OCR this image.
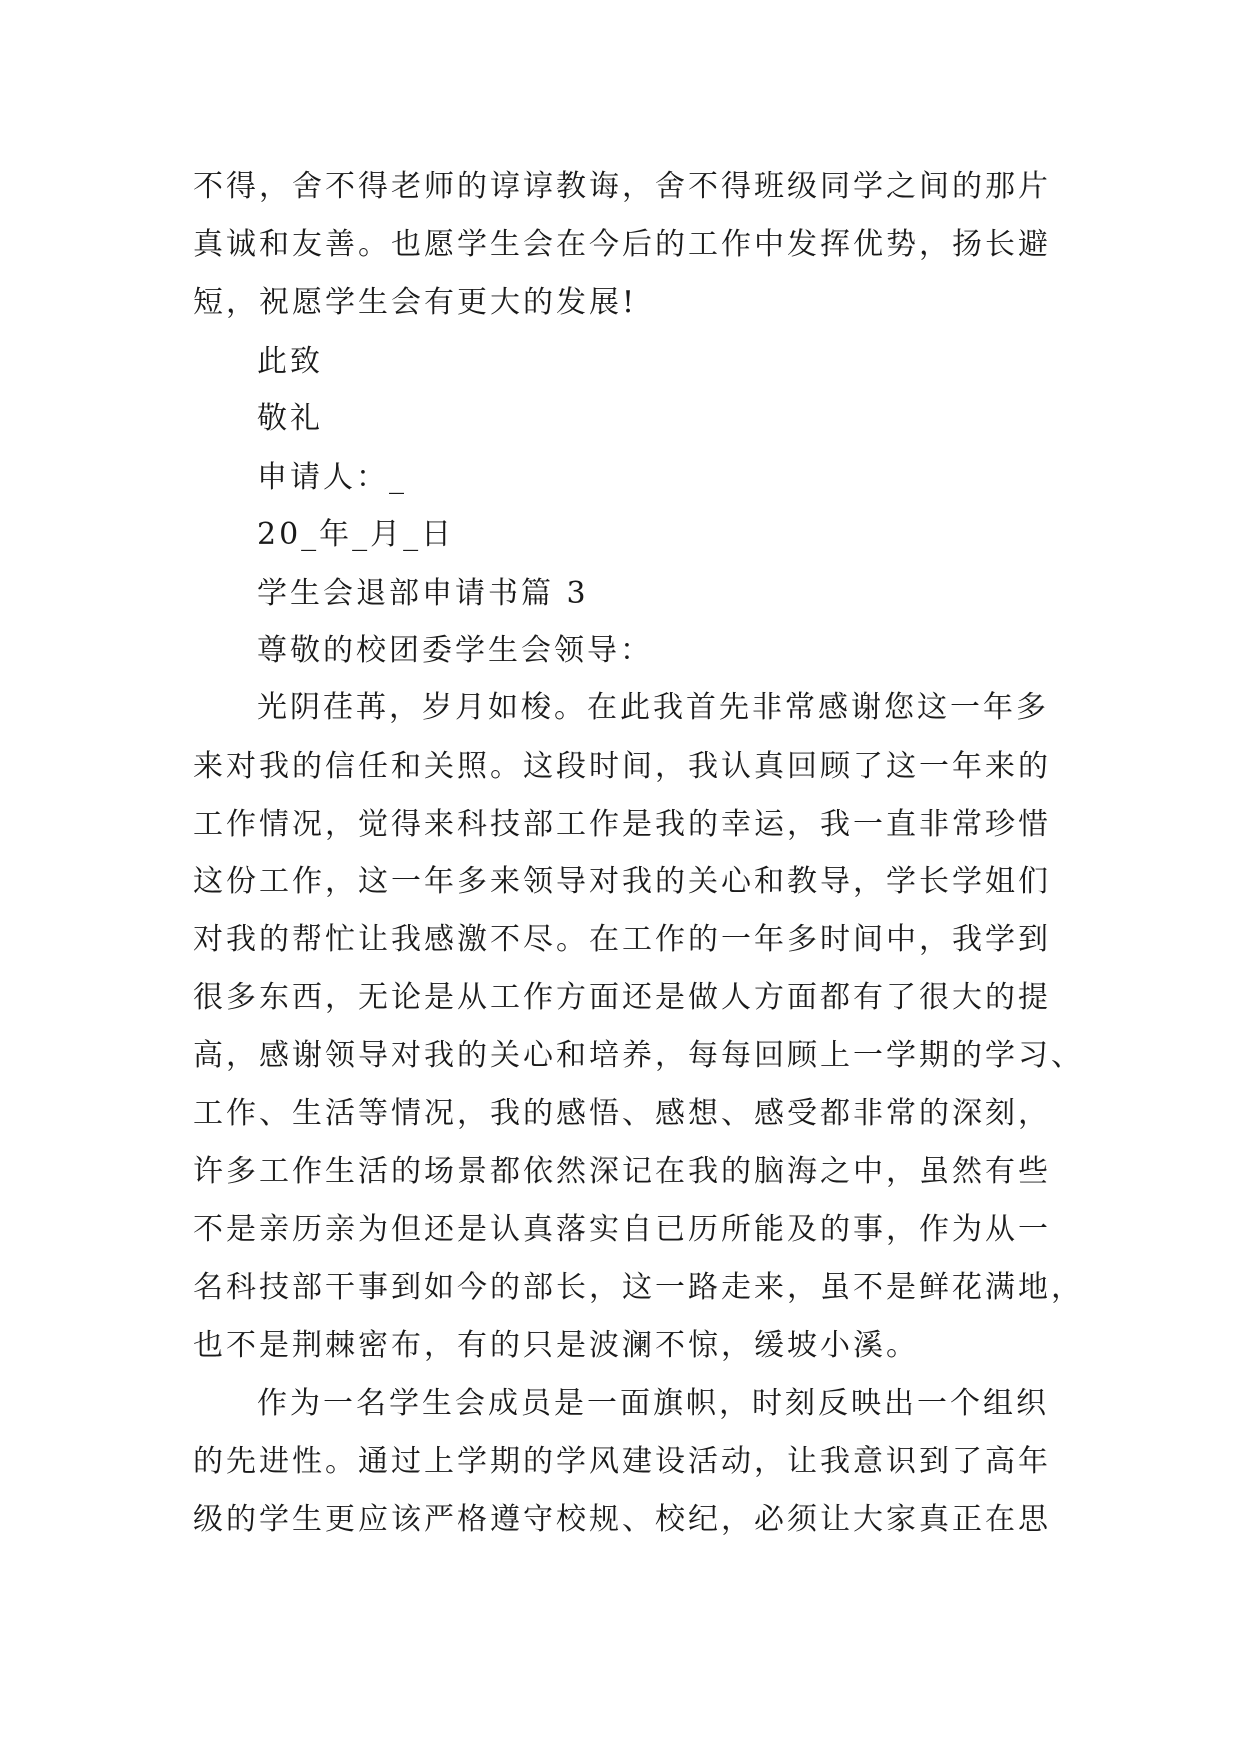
不得，舍不得老师的谆谆教诲，舍不得班级同学之间的那片
真诚和友善。也愿学生会在今后的工作中发挥优势，扬长避
短，祝愿学生会有更大的发展!
此致
敬礼
申请人：_
20_年_月_日
学生会退部申请书篇 3
尊敬的校团委学生会领导：
光阴荏苒，岁月如梭。在此我首先非常感谢您这一年多
来对我的信任和关照。这段时间，我认真回顾了这一年来的
工作情况，觉得来科技部工作是我的幸运，我一直非常珍惜
这份工作，这一年多来领导对我的关心和教导，学长学姐们
对我的帮忙让我感激不尽。在工作的一年多时间中，我学到
很多东西，无论是从工作方面还是做人方面都有了很大的提
高，感谢领导对我的关心和培养，每每回顾上一学期的学习、
工作、生活等情况，我的感悟、感想、感受都非常的深刻，
许多工作生活的场景都依然深记在我的脑海之中，虽然有些
不是亲历亲为但还是认真落实自已历所能及的事，作为从一
名科技部干事到如今的部长，这一路走来，虽不是鲜花满地，
也不是荆棘密布，有的只是波澜不惊，缓坡小溪。
作为一名学生会成员是一面旗帜，时刻反映出一个组织
的先进性。通过上学期的学风建设活动，让我意识到了高年
级的学生更应该严格遵守校规、校纪，必须让大家真正在思
